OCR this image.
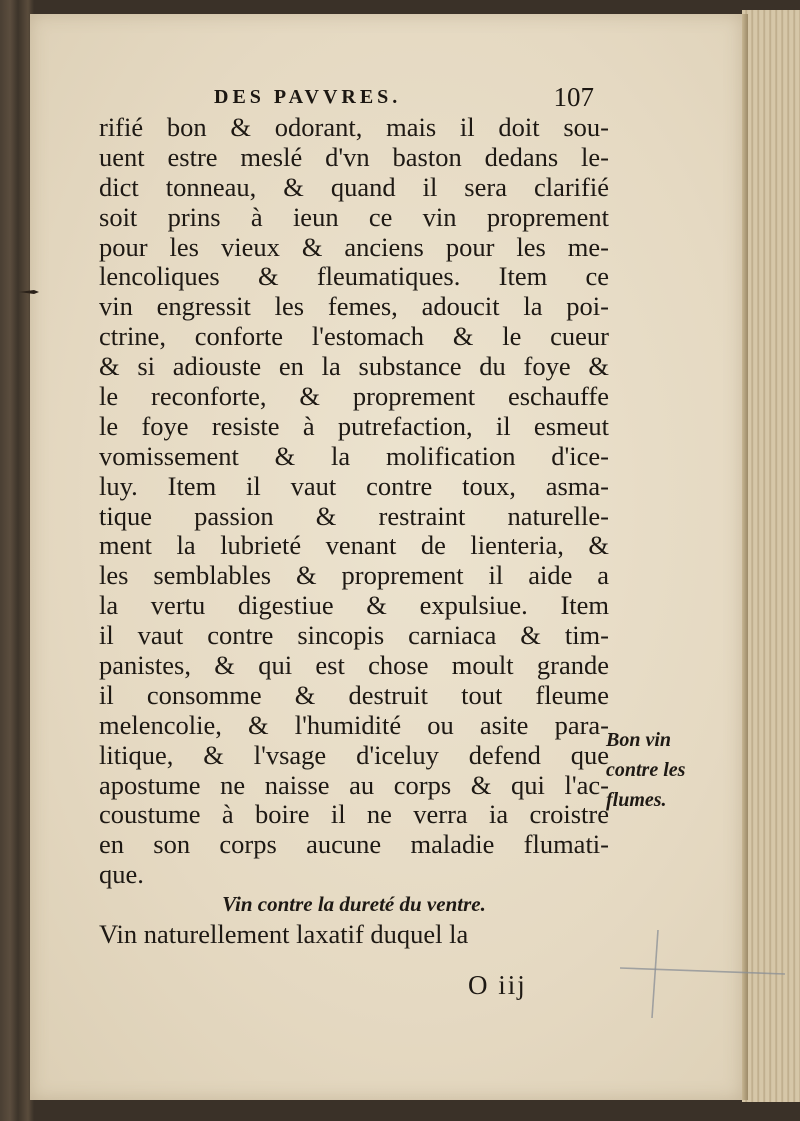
DES PAVVRES.	107
rifié bon & odorant, mais il doit sou-
uent estre meslé d'vn baston dedans le-
dict tonneau, & quand il sera clarifié
soit prins à ieun ce vin proprement
pour les vieux & anciens pour les me-
lencoliques & fleumatiques. Item ce
vin engressit les femes, adoucit la poi-
ctrine, conforte l'estomach & le cueur
& si adiouste en la substance du foye &
le reconforte, & proprement eschauffe
le foye resiste à putrefaction, il esmeut
vomissement & la molification d'ice-
luy. Item il vaut contre toux, asma-
tique passion & restraint naturelle-
ment la lubrieté venant de lienteria, &
les semblables & proprement il aide a
la vertu digestiue & expulsiue. Item
il vaut contre sincopis carniaca & tim-
panistes, & qui est chose moult grande
il consomme & destruit tout fleume
melencolie, & l'humidité ou asite para-
litique, & l'vsage d'iceluy defend que
apostume ne naisse au corps & qui l'ac-
coustume à boire il ne verra ia croistre
en son corps aucune maladie flumati-
que.
Vin contre la dureté du ventre.
Vin naturellement laxatif duquel la
Bon vin
contre les
flumes.
O iij
